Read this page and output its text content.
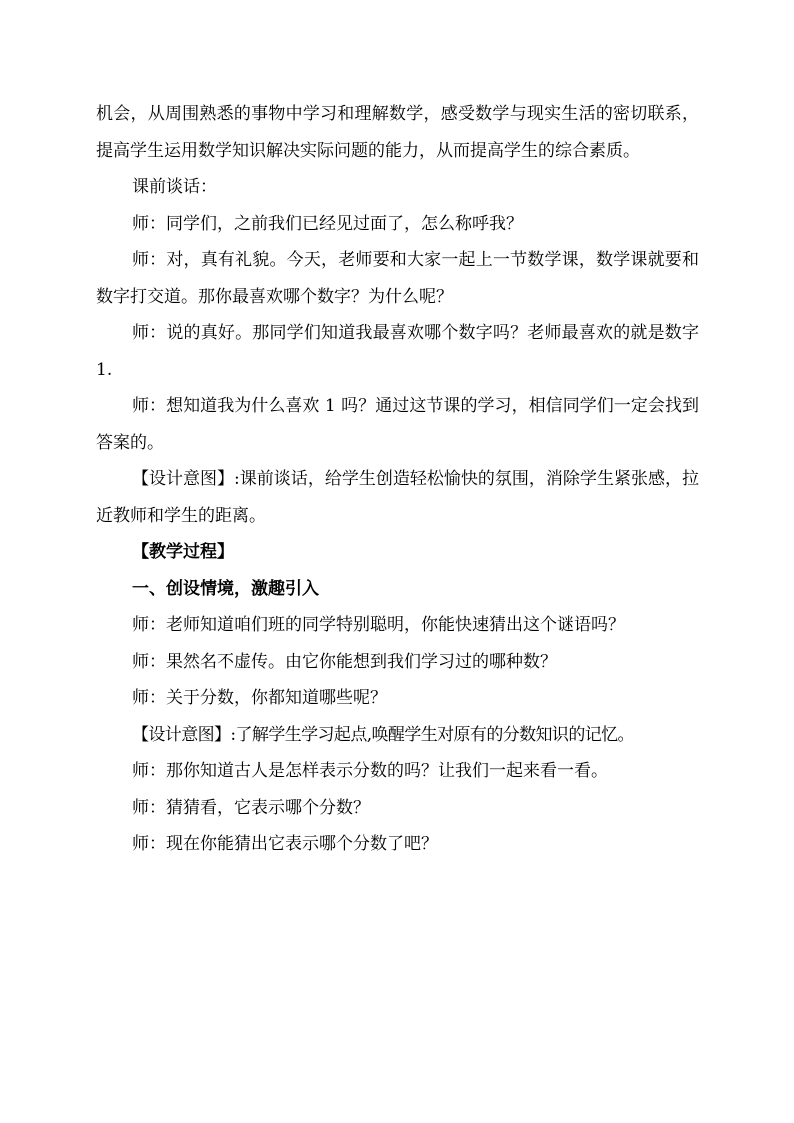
机会，从周围熟悉的事物中学习和理解数学，感受数学与现实生活的密切联系，提高学生运用数学知识解决实际问题的能力，从而提高学生的综合素质。

课前谈话：

师：同学们，之前我们已经见过面了，怎么称呼我？

师：对，真有礼貌。今天，老师要和大家一起上一节数学课，数学课就要和数字打交道。那你最喜欢哪个数字？为什么呢？

师：说的真好。那同学们知道我最喜欢哪个数字吗？老师最喜欢的就是数字 1.

师：想知道我为什么喜欢 1 吗？通过这节课的学习，相信同学们一定会找到答案的。

【设计意图】:课前谈话，给学生创造轻松愉快的氛围，消除学生紧张感，拉近教师和学生的距离。

【教学过程】

一、创设情境，激趣引入

师：老师知道咱们班的同学特别聪明，你能快速猜出这个谜语吗？

师：果然名不虚传。由它你能想到我们学习过的哪种数？

师：关于分数，你都知道哪些呢？

【设计意图】:了解学生学习起点,唤醒学生对原有的分数知识的记忆。

师：那你知道古人是怎样表示分数的吗？让我们一起来看一看。

师：猜猜看，它表示哪个分数？

师：现在你能猜出它表示哪个分数了吧？
